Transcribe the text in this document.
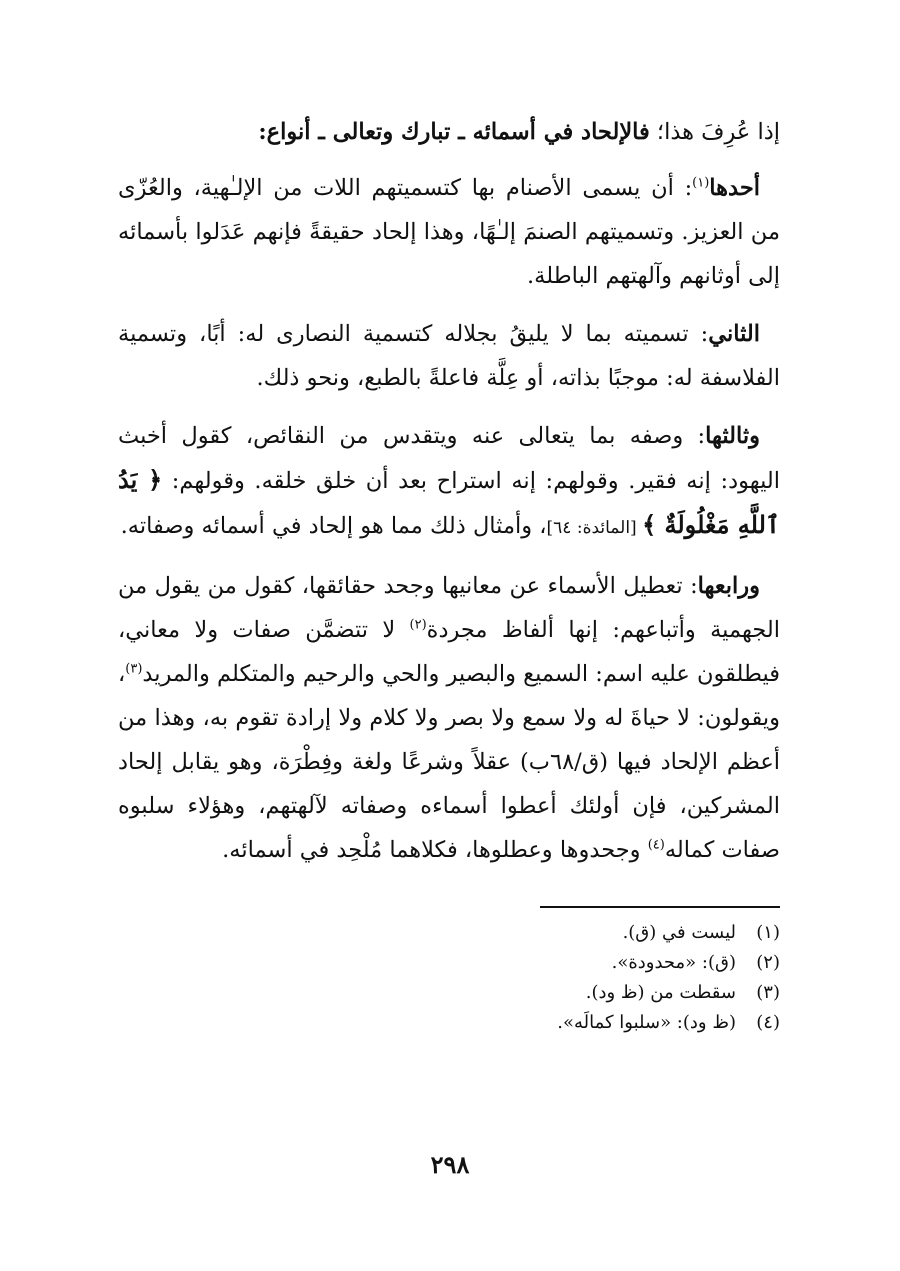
إذا عُرِفَ هذا؛ فالإلحاد في أسمائه ـ تبارك وتعالى ـ أنواع:

أحدها$^{(١)}$: أن يسمى الأصنام بها كتسميتهم اللات من الإلـٰهية، والعُزّى من العزيز. وتسميتهم الصنمَ إلـٰهًا، وهذا إلحاد حقيقةً فإنهم عَدَلوا بأسمائه إلى أوثانهم وآلهتهم الباطلة.

الثاني: تسميته بما لا يليقُ بجلاله كتسمية النصارى له: أبًا، وتسمية الفلاسفة له: موجبًا بذاته، أو عِلَّة فاعلةً بالطبع، ونحو ذلك.

وثالثها: وصفه بما يتعالى عنه ويتقدس من النقائص، كقول أخبث اليهود: إنه فقير. وقولهم: إنه استراح بعد أن خلق خلقه. وقولهم: ﴿ يَدُ ٱللَّهِ مَغْلُولَةٌ ﴾ [المائدة: ٦٤]، وأمثال ذلك مما هو إلحاد في أسمائه وصفاته.

ورابعها: تعطيل الأسماء عن معانيها وجحد حقائقها، كقول من يقول من الجهمية وأتباعهم: إنها ألفاظ مجردة$^{(٢)}$ لا تتضمَّن صفات ولا معاني، فيطلقون عليه اسم: السميع والبصير والحي والرحيم والمتكلم والمريد$^{(٣)}$، ويقولون: لا حياةَ له ولا سمع ولا بصر ولا كلام ولا إرادة تقوم به، وهذا من أعظم الإلحاد فيها (ق/٦٨ب) عقلاً وشرعًا ولغة وفِطْرَة، وهو يقابل إلحاد المشركين، فإن أولئك أعطوا أسماءه وصفاته لآلهتهم، وهؤلاء سلبوه صفات كماله$^{(٤)}$ وجحدوها وعطلوها، فكلاهما مُلْحِد في أسمائه.

(١)
ليست في (ق).
(٢)
(ق): «محدودة».
(٣)
سقطت من (ظ ود).
(٤)
(ظ ود): «سلبوا كمالَه».
٢٩٨
